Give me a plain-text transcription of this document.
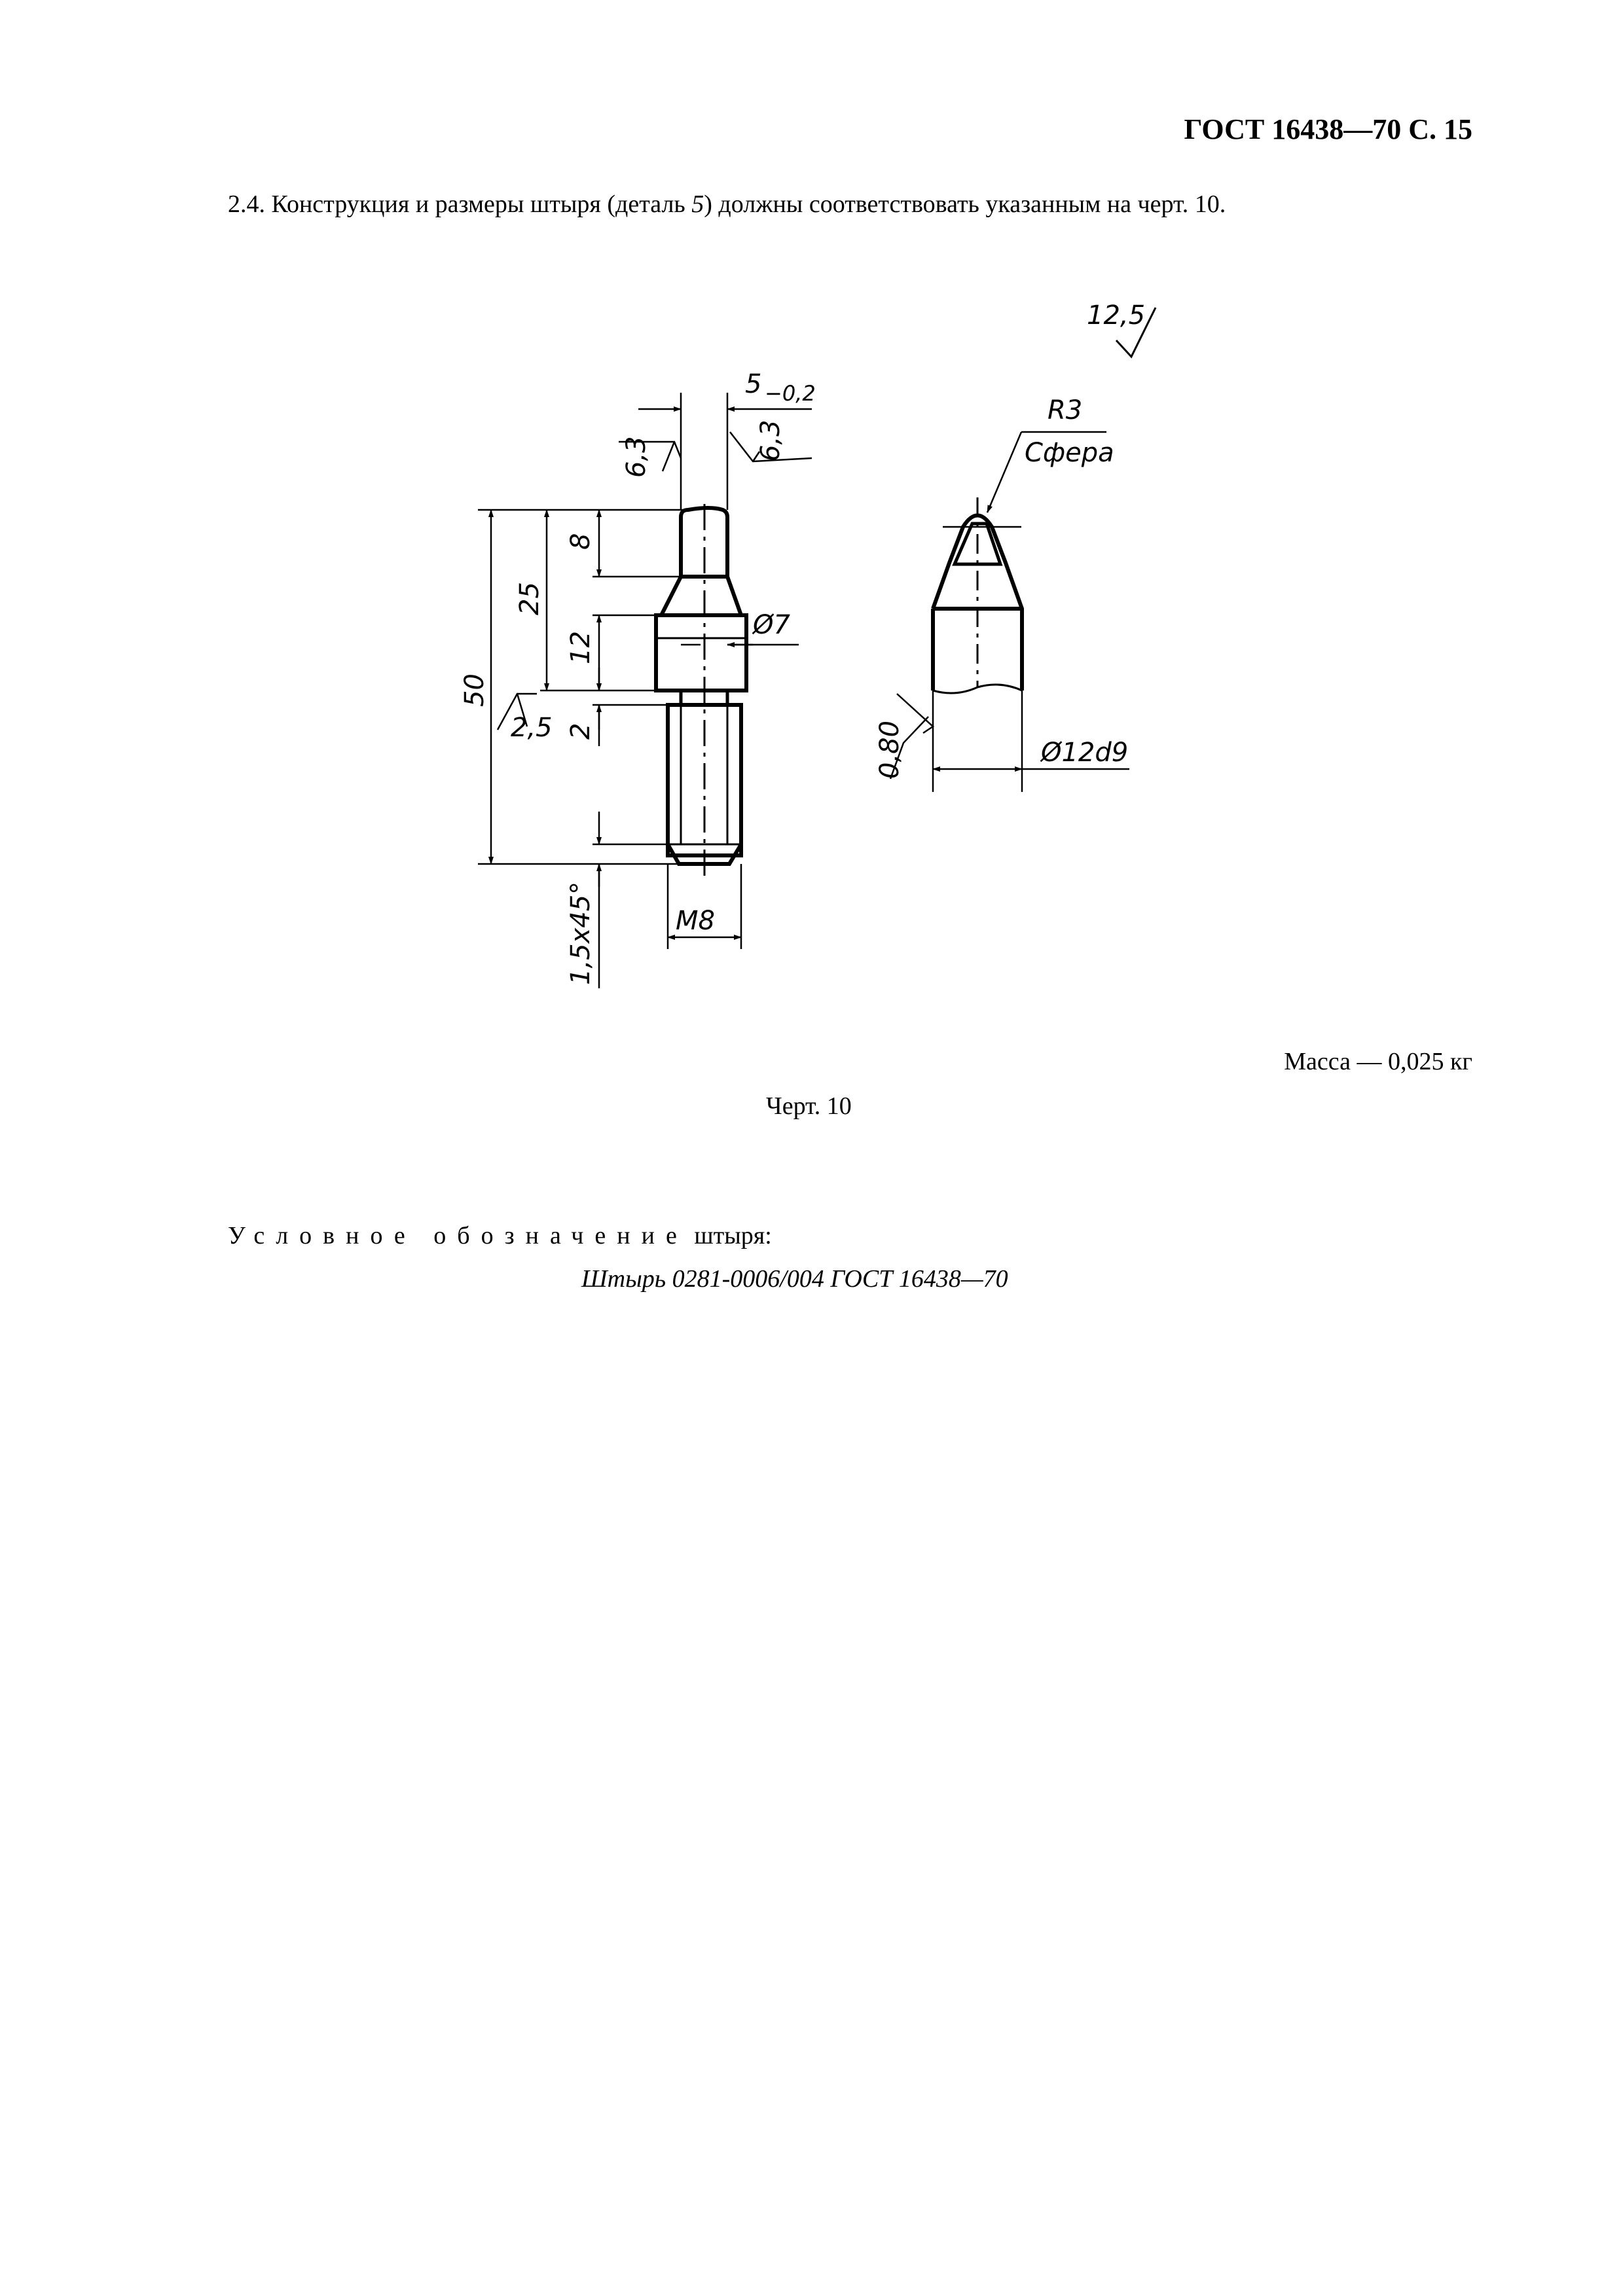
ГОСТ 16438—70 С. 15
2.4. Конструкция и размеры штыря (деталь 5) должны соответствовать указанным на черт. 10.
5 −0,2
6,3	6,3
8
25
12
50
2
2,5
Ø7
M8
1,5x45°
12,5
R3
Сфера
0,80	Ø12d9
Масса — 0,025 кг
Черт. 10
Условное обозначение штыря:
Штырь 0281-0006/004 ГОСТ 16438—70
